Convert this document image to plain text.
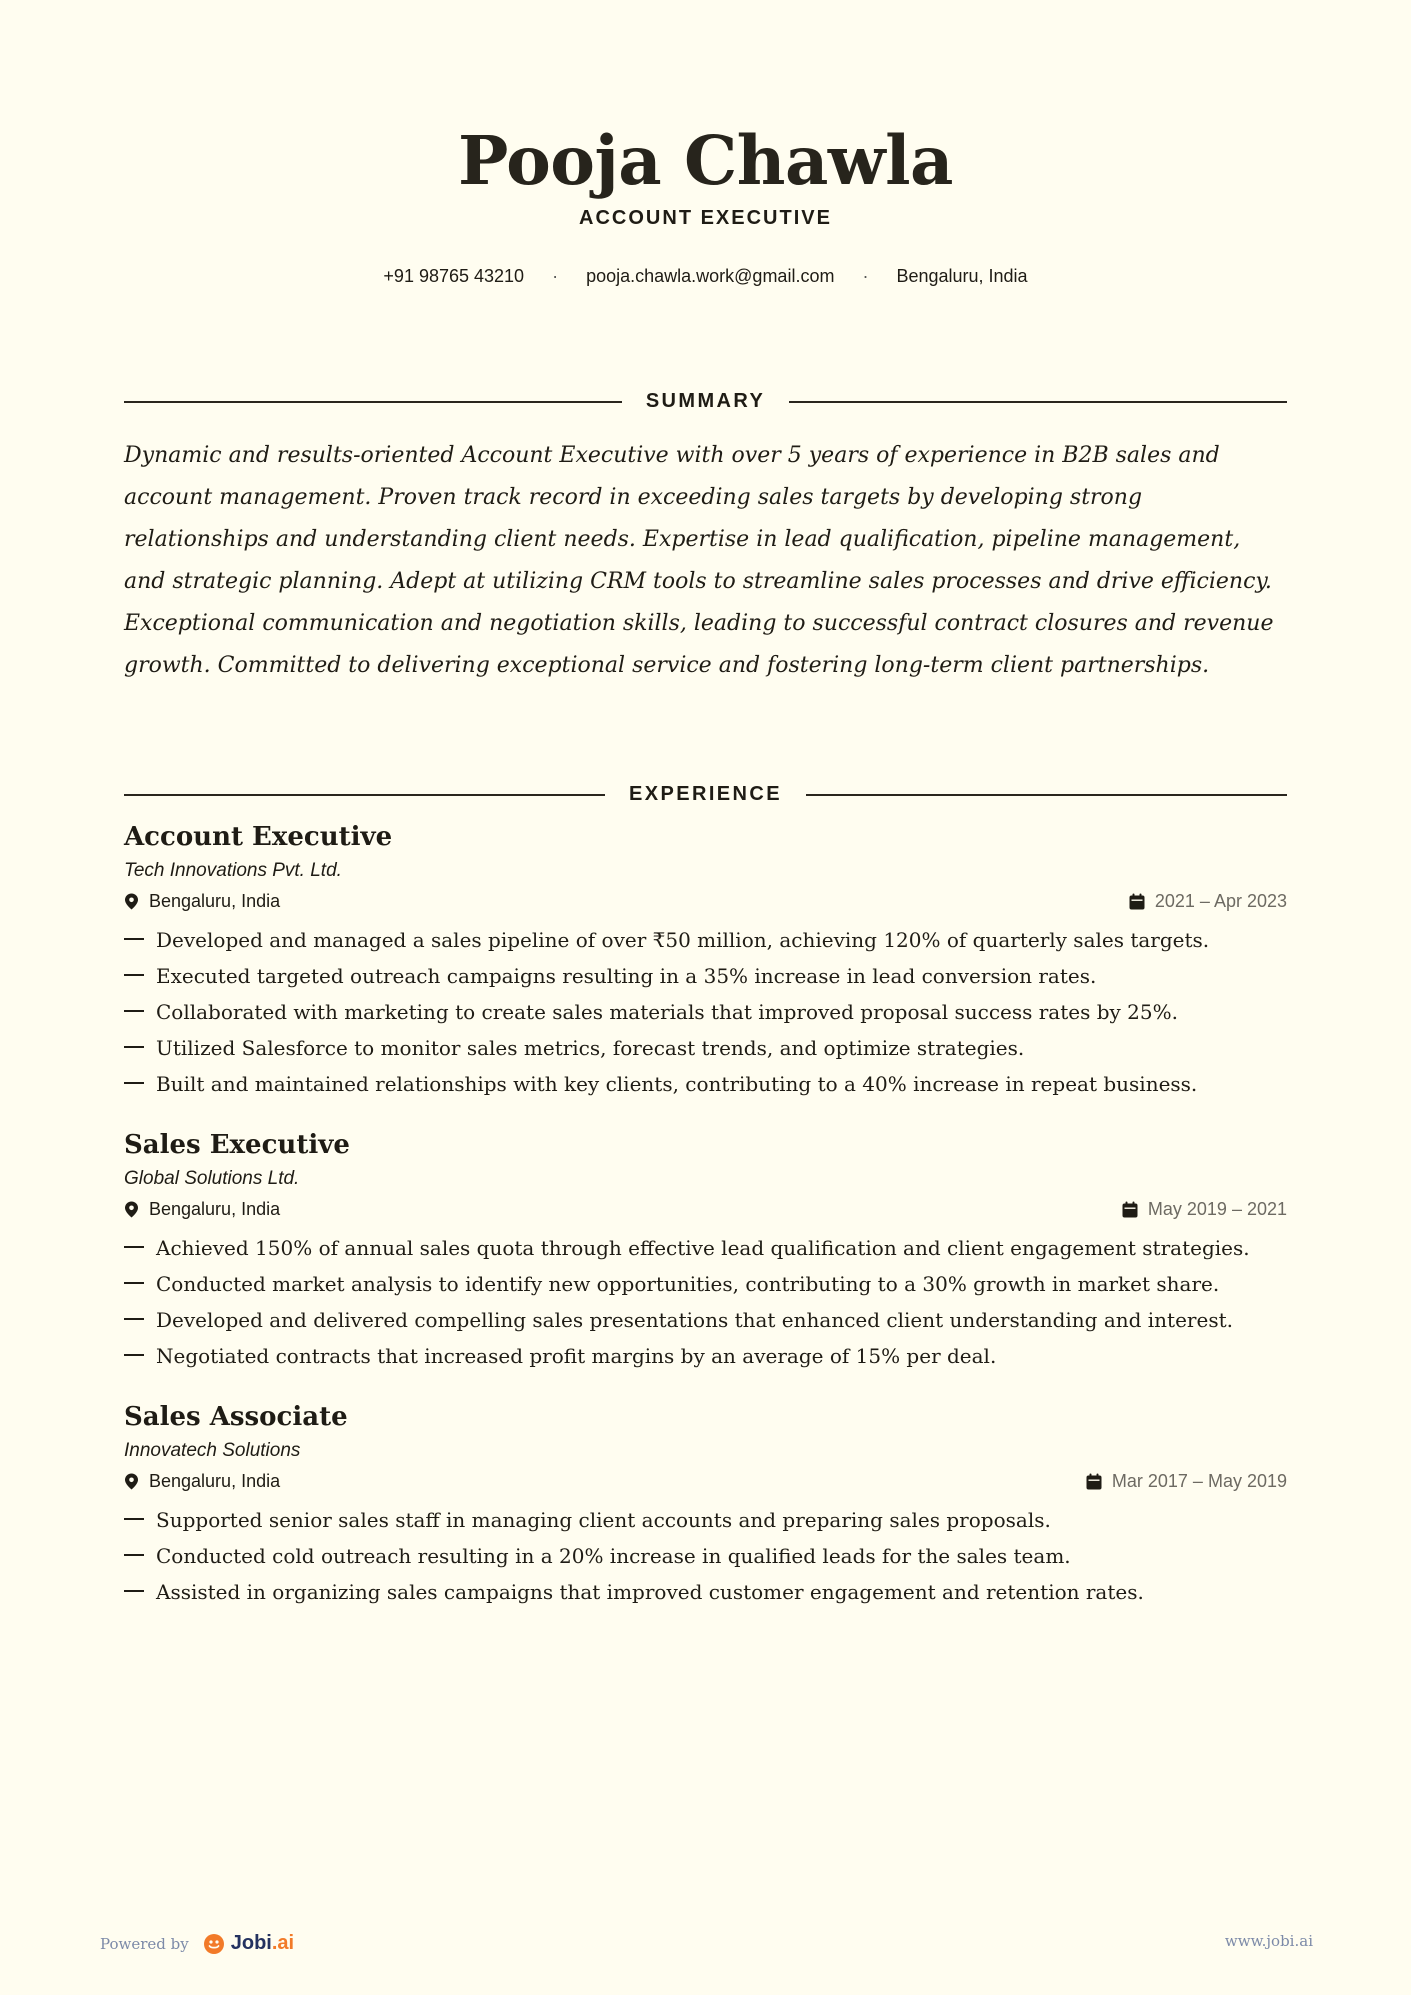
Pooja Chawla
ACCOUNT EXECUTIVE
+91 98765 43210 · pooja.chawla.work@gmail.com · Bengaluru, India
SUMMARY
Dynamic and results-oriented Account Executive with over 5 years of experience in B2B sales and account management. Proven track record in exceeding sales targets by developing strong relationships and understanding client needs. Expertise in lead qualification, pipeline management, and strategic planning. Adept at utilizing CRM tools to streamline sales processes and drive efficiency. Exceptional communication and negotiation skills, leading to successful contract closures and revenue growth. Committed to delivering exceptional service and fostering long-term client partnerships.
EXPERIENCE
Account Executive
Tech Innovations Pvt. Ltd.
Bengaluru, India	2021 – Apr 2023
Developed and managed a sales pipeline of over ₹50 million, achieving 120% of quarterly sales targets.
Executed targeted outreach campaigns resulting in a 35% increase in lead conversion rates.
Collaborated with marketing to create sales materials that improved proposal success rates by 25%.
Utilized Salesforce to monitor sales metrics, forecast trends, and optimize strategies.
Built and maintained relationships with key clients, contributing to a 40% increase in repeat business.
Sales Executive
Global Solutions Ltd.
Bengaluru, India	May 2019 – 2021
Achieved 150% of annual sales quota through effective lead qualification and client engagement strategies.
Conducted market analysis to identify new opportunities, contributing to a 30% growth in market share.
Developed and delivered compelling sales presentations that enhanced client understanding and interest.
Negotiated contracts that increased profit margins by an average of 15% per deal.
Sales Associate
Innovatech Solutions
Bengaluru, India	Mar 2017 – May 2019
Supported senior sales staff in managing client accounts and preparing sales proposals.
Conducted cold outreach resulting in a 20% increase in qualified leads for the sales team.
Assisted in organizing sales campaigns that improved customer engagement and retention rates.
Powered by Jobi.ai	www.jobi.ai
